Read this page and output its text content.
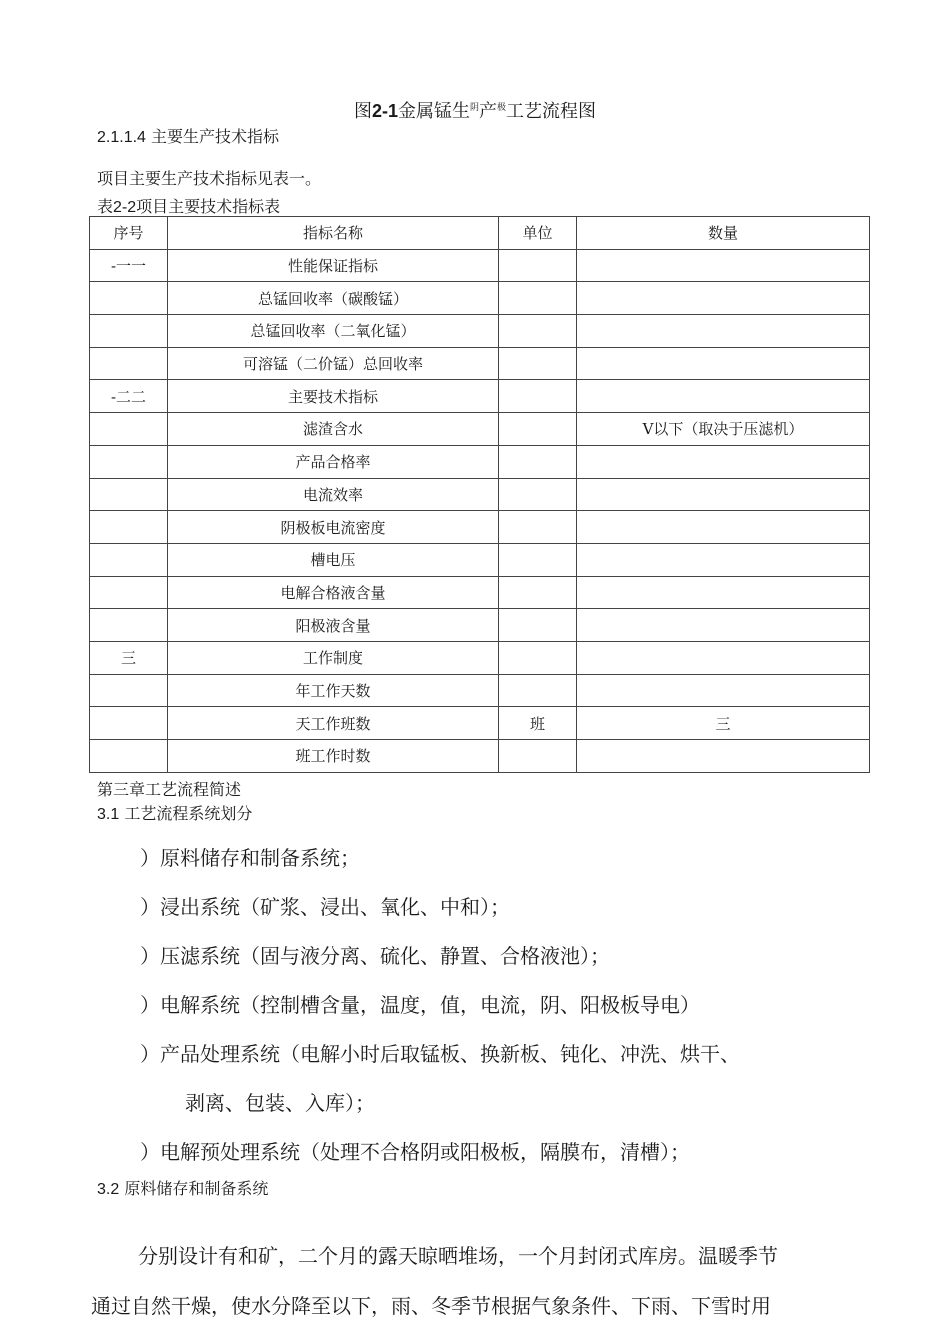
图2-1金属锰生$^阴$产$^极$工艺流程图
2.1.1.4 主要生产技术指标
项目主要生产技术指标见表一。
表2-2项目主要技术指标表
序号	指标名称	单位	数量
-一一	性能保证指标		
	总锰回收率（碳酸锰）		
	总锰回收率（二氧化锰）		
	可溶锰（二价锰）总回收率		
-二二	主要技术指标		
	滤渣含水		V以下（取决于压滤机）
	产品合格率		
	电流效率		
	阴极板电流密度		
	槽电压		
	电解合格液含量		
	阳极液含量		
三	工作制度		
	年工作天数		
	天工作班数	班	三
	班工作时数		
第三章工艺流程简述
3.1 工艺流程系统划分
）原料储存和制备系统；
）浸出系统（矿浆、浸出、氧化、中和）；
）压滤系统（固与液分离、硫化、静置、合格液池）；
）电解系统（控制槽含量，温度，值，电流，阴、阳极板导电）
）产品处理系统（电解小时后取锰板、换新板、钝化、冲洗、烘干、
剥离、包装、入库）；
）电解预处理系统（处理不合格阴或阳极板，隔膜布，清槽）；
3.2 原料储存和制备系统
分别设计有和矿，二个月的露天晾晒堆场，一个月封闭式库房。温暖季节
通过自然干燥，使水分降至以下，雨、冬季节根据气象条件、下雨、下雪时用
